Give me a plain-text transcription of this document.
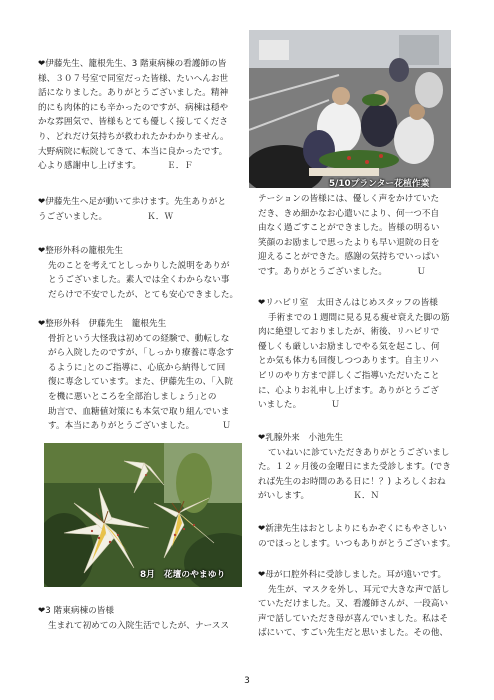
❤伊藤先生、籠根先生、3 階東病棟の看護師の皆

様、３０７号室で同室だった皆様、たいへんお世

話になりました。ありがとうございました。精神

的にも肉体的にも辛かったのですが、病棟は穏や

かな雰囲気で、皆様もとても優しく接してくださ

り、どれだけ気持ちが救われたかわかりません。

大野病院に転院してきて、本当に良かったです。

心より感謝申し上げます。	Ｅ．Ｆ

❤伊藤先生へ足が動いて歩けます。先生ありがと

うございました。	Ｋ．Ｗ

❤整形外科の籠根先生

先のことを考えてとしっかりした説明をありが

とうございました。素人では全くわからない事

だらけで不安でしたが、とても安心できました。

❤整形外科　伊藤先生　籠根先生

骨折という大怪我は初めての経験で、動転しな

がら入院したのですが、｢しっかり療養に専念す

るように｣とのご指導に、心底から納得して回

復に専念しています。また、伊藤先生の、｢入院

を機に悪いところを全部治しましょう｣との

助言で、血糖値対策にも本気で取り組んでいま

す。本当にありがとうございました。	Ｕ

8月　花壇のやまゆり

❤3 階東病棟の皆様

生まれて初めての入院生活でしたが、ナースス

5/10プランター花植作業

テーションの皆様には、優しく声をかけていた

だき、きめ細かなお心遣いにより、何一つ不自

由なく過ごすことができました。皆様の明るい

笑顔のお励ましで思ったよりも早い退院の日を

迎えることができた。感謝の気持ちでいっぱい

です。ありがとうございました。	Ｕ

❤リハビリ室　太田さんはじめスタッフの皆様

手術までの１週間に見る見る痩せ衰えた脚の筋

肉に絶望しておりましたが、術後、リハビリで

優しくも厳しいお励ましでやる気を起こし、何

とか気も体力も回復しつつあります。自主リハ

ビリのやり方まで詳しくご指導いただいたこと

に、心よりお礼申し上げます。ありがとうござ

いました。	Ｕ

❤乳腺外来　小池先生

ていねいに診ていただきありがとうございまし

た。１２ヶ月後の金曜日にまた受診します。(でき

れば先生のお時間のある日に！？) よろしくおね

がいします。	Ｋ．Ｎ

❤新津先生はおとしよりにもかぞくにもやさしい

のでほっとします。いつもありがとうございます。

❤母が口腔外科に受診しました。耳が遠いです。

先生が、マスクを外し、耳元で大きな声で話し

ていただけました。又、看護師さんが、一段高い

声で話していただき母が喜んでいました。私はそ

ばにいて、すごい先生だと思いました。その他、

3
